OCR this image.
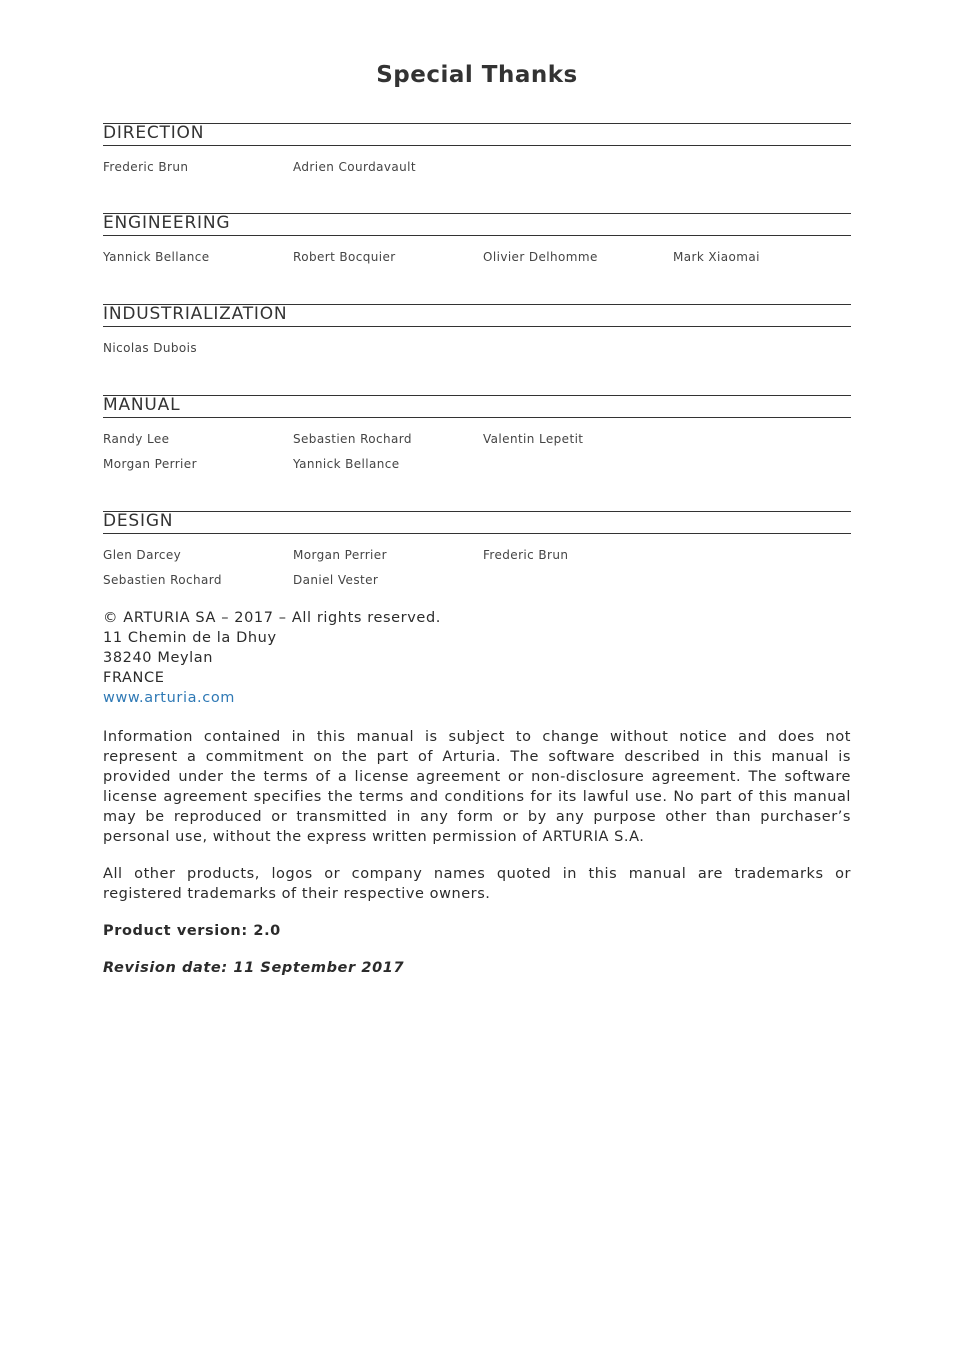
Special Thanks
DIRECTION
Frederic Brun	Adrien Courdavault
ENGINEERING
Yannick Bellance	Robert Bocquier	Olivier Delhomme	Mark Xiaomai
INDUSTRIALIZATION
Nicolas Dubois
MANUAL
Randy Lee	Sebastien Rochard	Valentin Lepetit
Morgan Perrier	Yannick Bellance
DESIGN
Glen Darcey	Morgan Perrier	Frederic Brun
Sebastien Rochard	Daniel Vester
© ARTURIA SA – 2017 – All rights reserved.
11 Chemin de la Dhuy
38240 Meylan
FRANCE
www.arturia.com
Information contained in this manual is subject to change without notice and does not represent a commitment on the part of Arturia. The software described in this manual is provided under the terms of a license agreement or non-disclosure agreement. The software license agreement specifies the terms and conditions for its lawful use. No part of this manual may be reproduced or transmitted in any form or by any purpose other than purchaser’s personal use, without the express written permission of ARTURIA S.A.
All other products, logos or company names quoted in this manual are trademarks or registered trademarks of their respective owners.
Product version: 2.0
Revision date: 11 September 2017
